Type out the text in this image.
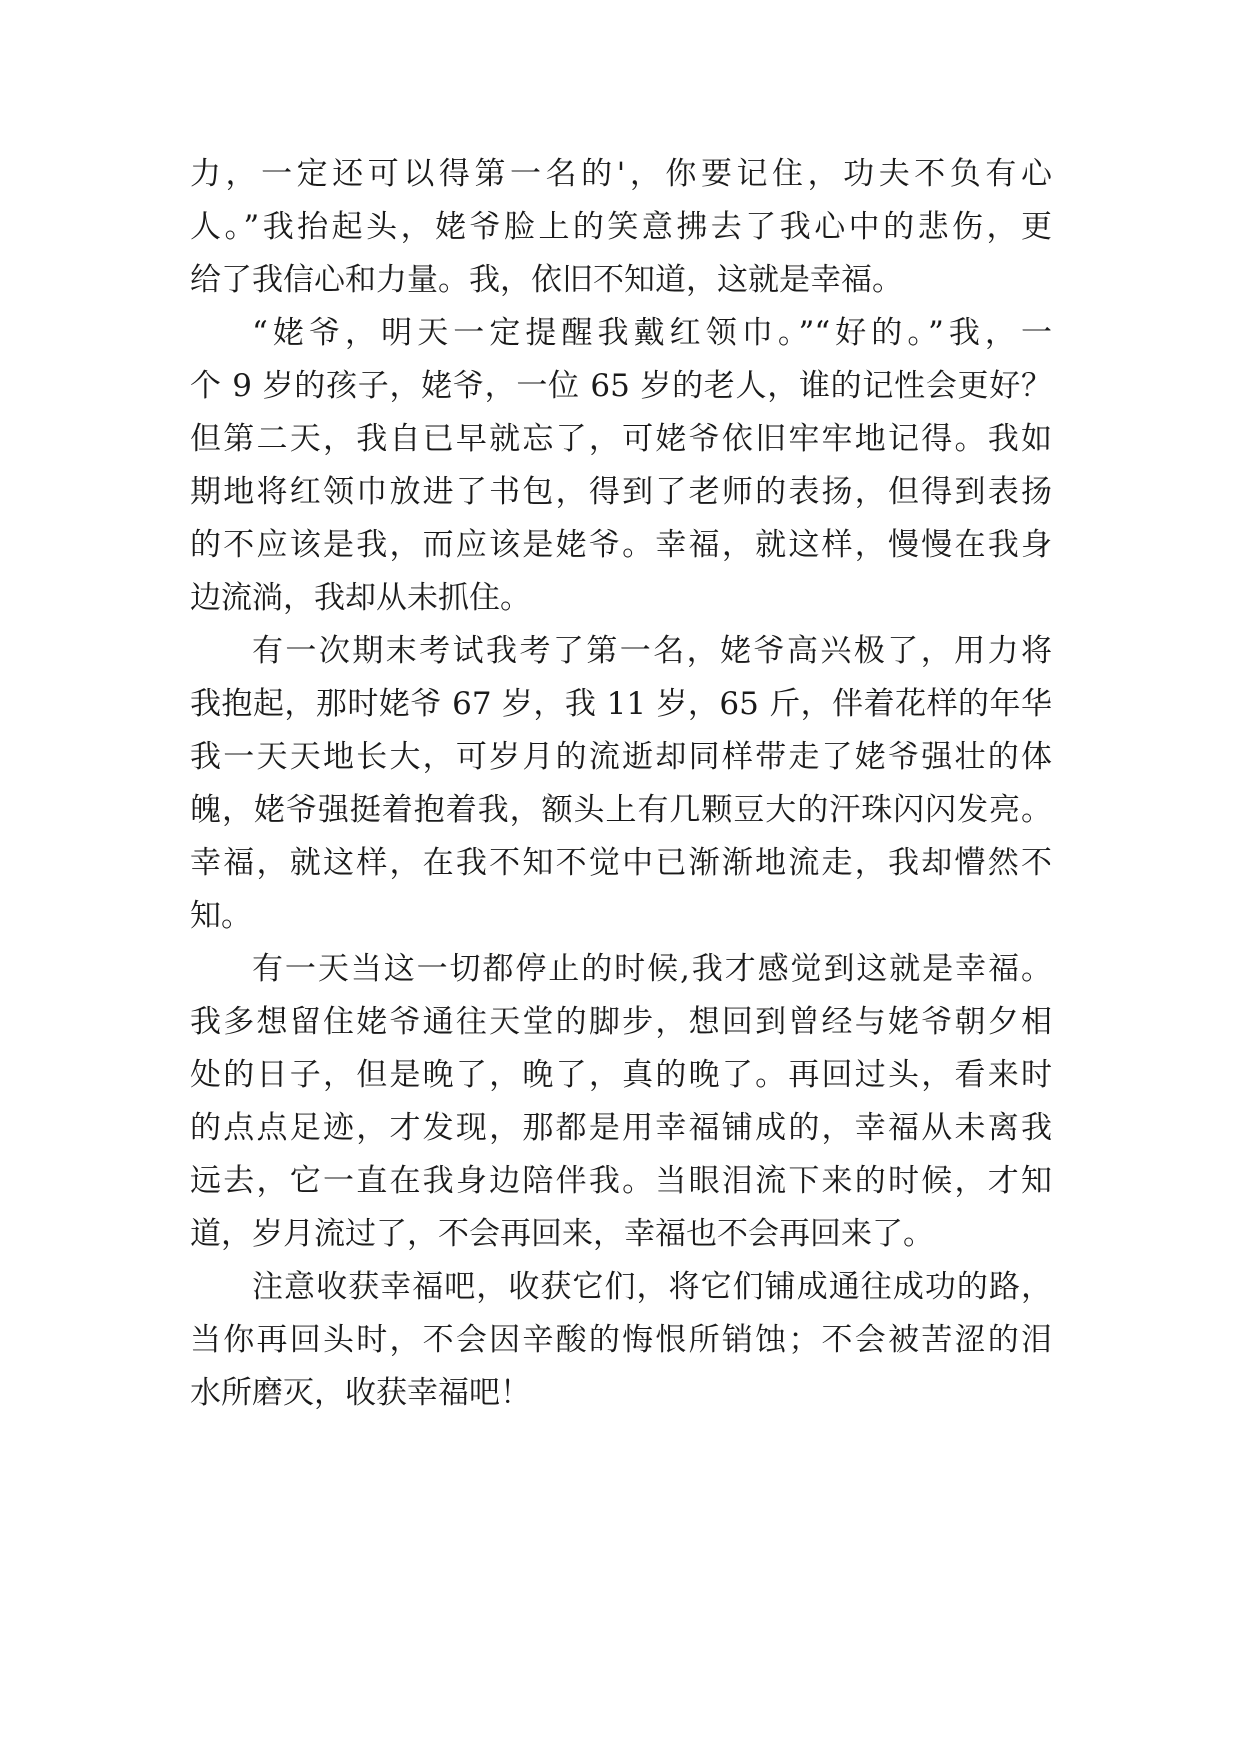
力，一定还可以得第一名的'，你要记住，功夫不负有心
人。”我抬起头，姥爷脸上的笑意拂去了我心中的悲伤，更
给了我信心和力量。我，依旧不知道，这就是幸福。
“姥爷，明天一定提醒我戴红领巾。”“好的。”我，一
个 9 岁的孩子，姥爷，一位 65 岁的老人，谁的记性会更好？
但第二天，我自已早就忘了，可姥爷依旧牢牢地记得。我如
期地将红领巾放进了书包，得到了老师的表扬，但得到表扬
的不应该是我，而应该是姥爷。幸福，就这样，慢慢在我身
边流淌，我却从未抓住。
有一次期末考试我考了第一名，姥爷高兴极了，用力将
我抱起，那时姥爷 67 岁，我 11 岁，65 斤，伴着花样的年华
我一天天地长大，可岁月的流逝却同样带走了姥爷强壮的体
魄，姥爷强挺着抱着我，额头上有几颗豆大的汗珠闪闪发亮。
幸福，就这样，在我不知不觉中已渐渐地流走，我却懵然不
知。
有一天当这一切都停止的时候,我才感觉到这就是幸福。
我多想留住姥爷通往天堂的脚步，想回到曾经与姥爷朝夕相
处的日子，但是晚了，晚了，真的晚了。再回过头，看来时
的点点足迹，才发现，那都是用幸福铺成的，幸福从未离我
远去，它一直在我身边陪伴我。当眼泪流下来的时候，才知
道，岁月流过了，不会再回来，幸福也不会再回来了。
注意收获幸福吧，收获它们，将它们铺成通往成功的路，
当你再回头时，不会因辛酸的悔恨所销蚀；不会被苦涩的泪
水所磨灭，收获幸福吧！
